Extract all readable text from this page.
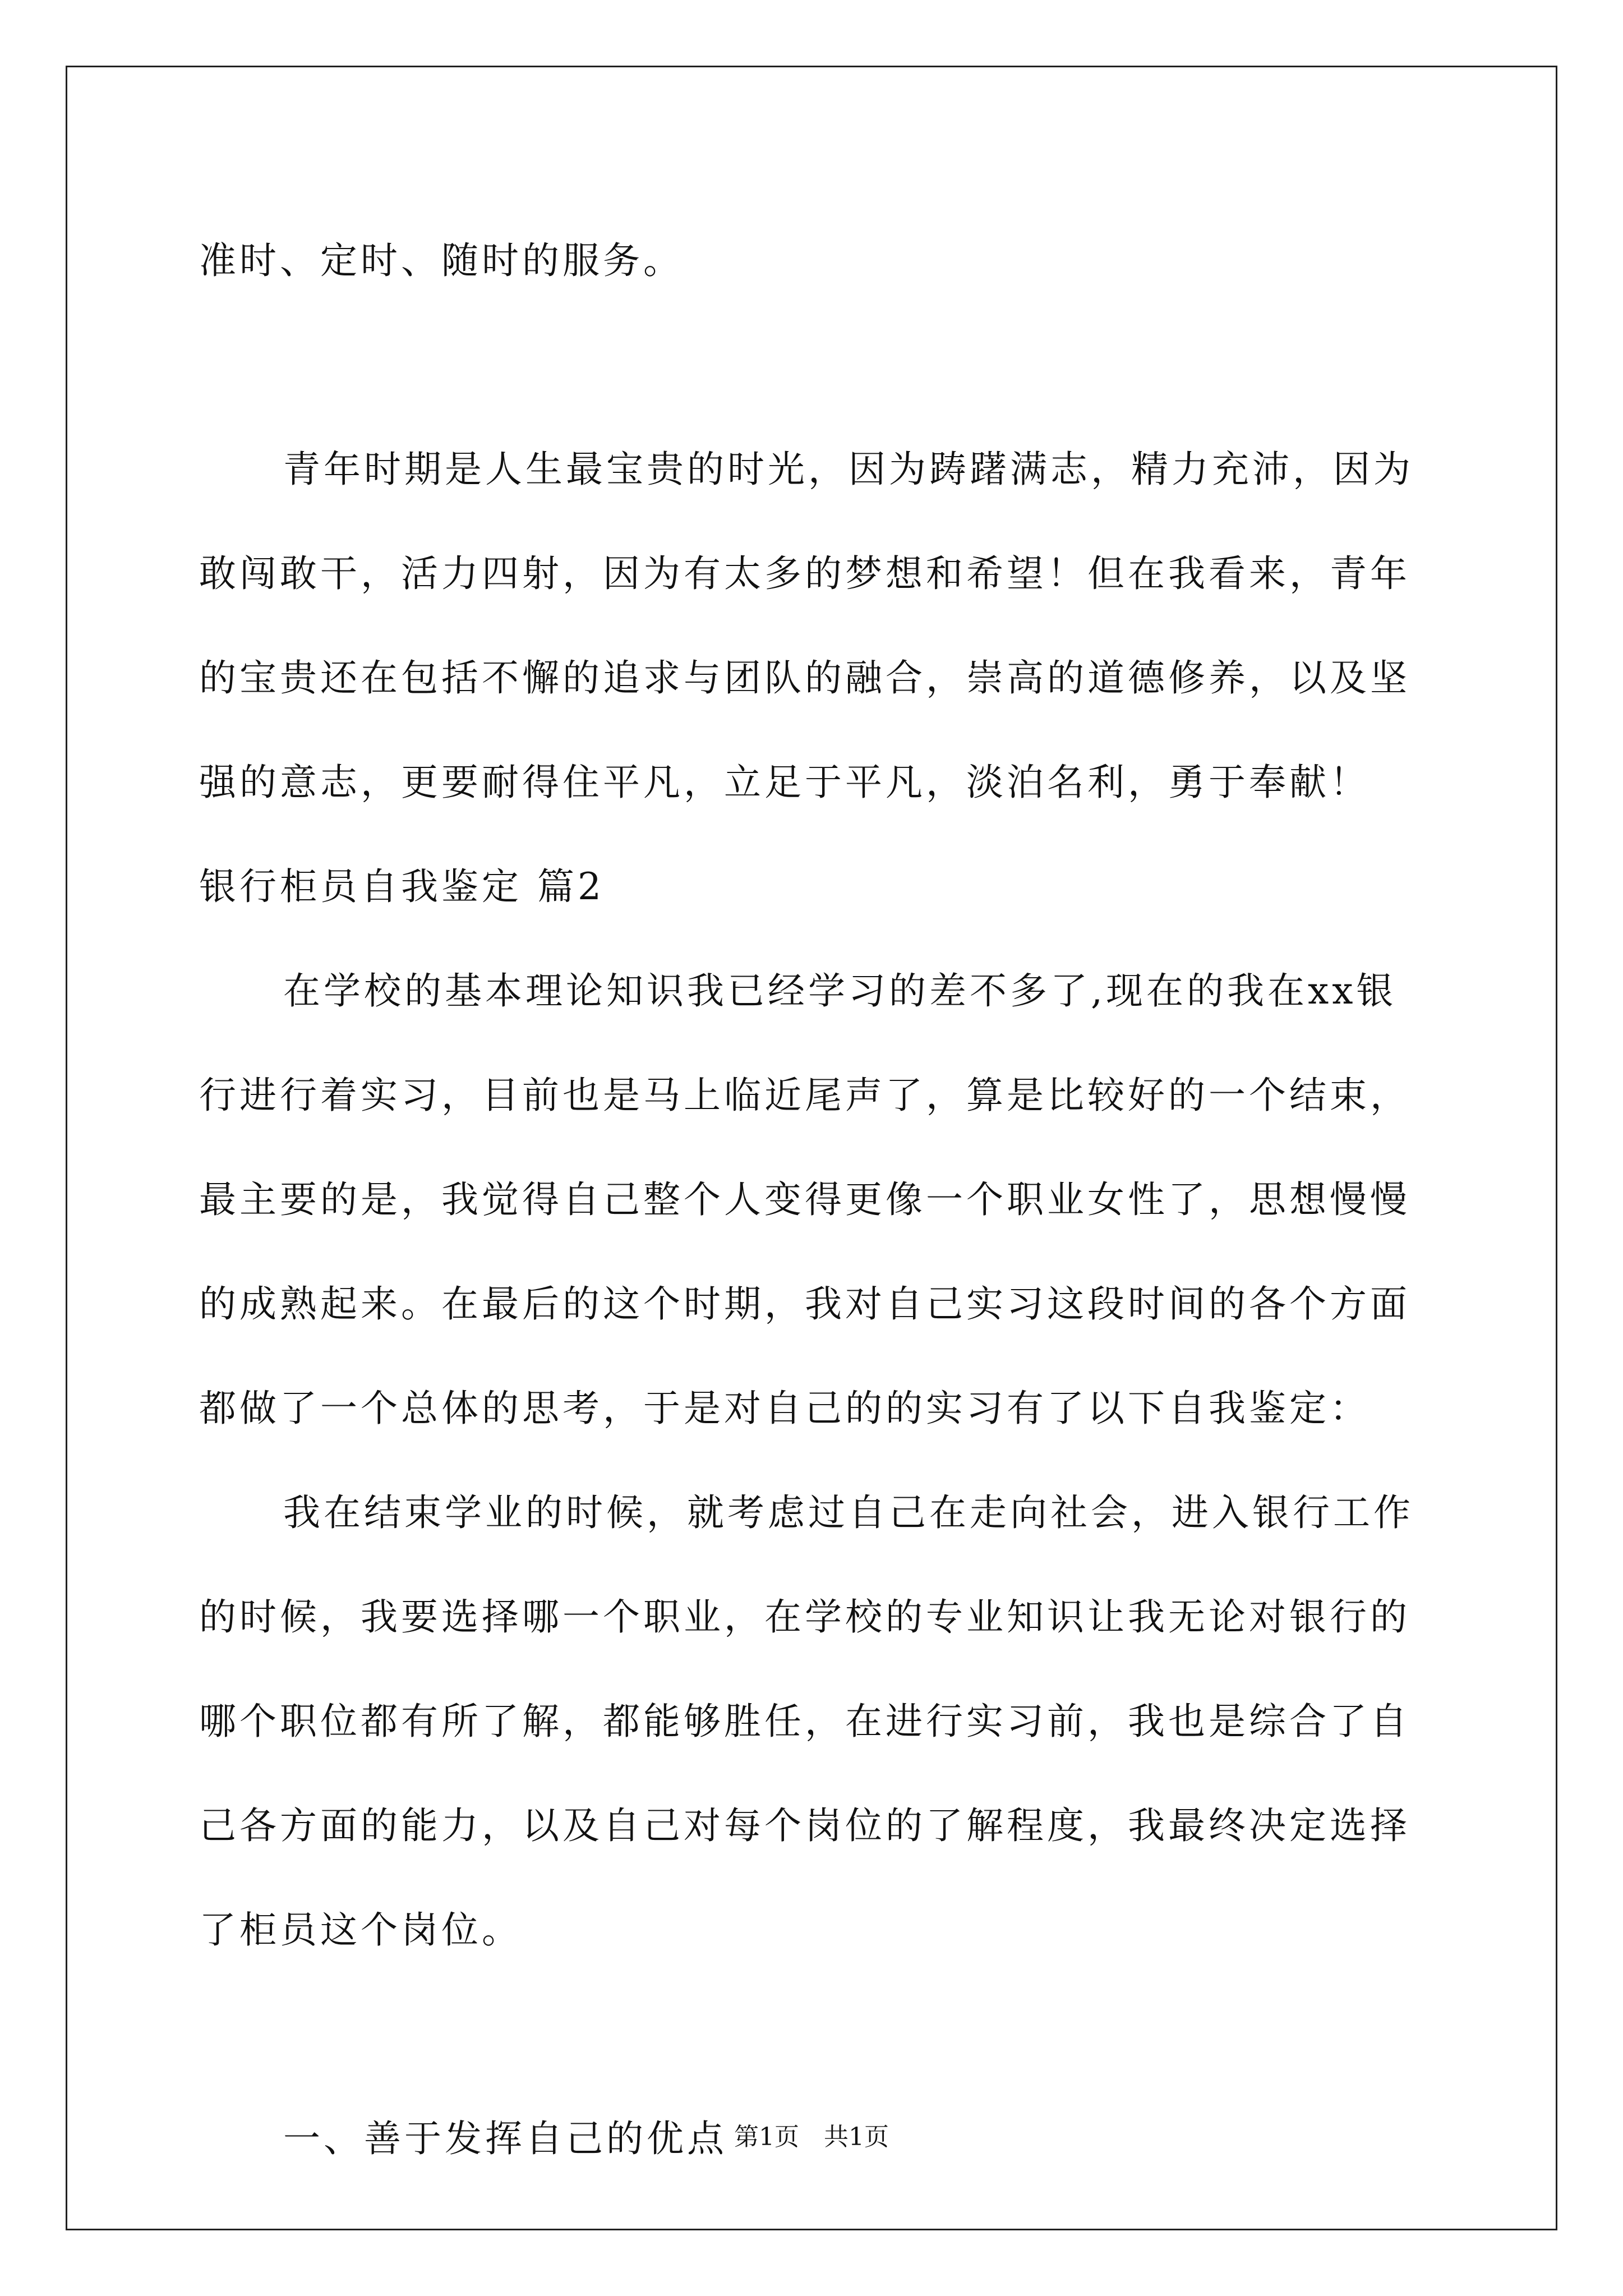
准时、定时、随时的服务。
青年时期是人生最宝贵的时光，因为踌躇满志，精力充沛，因为
敢闯敢干，活力四射，因为有太多的梦想和希望！但在我看来，青年
的宝贵还在包括不懈的追求与团队的融合，崇高的道德修养，以及坚
强的意志，更要耐得住平凡，立足于平凡，淡泊名利，勇于奉献！
银行柜员自我鉴定 篇2
在学校的基本理论知识我已经学习的差不多了,现在的我在xx银
行进行着实习，目前也是马上临近尾声了，算是比较好的一个结束，
最主要的是，我觉得自己整个人变得更像一个职业女性了，思想慢慢
的成熟起来。在最后的这个时期，我对自己实习这段时间的各个方面
都做了一个总体的思考，于是对自己的的实习有了以下自我鉴定：
我在结束学业的时候，就考虑过自己在走向社会，进入银行工作
的时候，我要选择哪一个职业，在学校的专业知识让我无论对银行的
哪个职位都有所了解，都能够胜任，在进行实习前，我也是综合了自
己各方面的能力，以及自己对每个岗位的了解程度，我最终决定选择
了柜员这个岗位。
一、善于发挥自己的优点 第1页　共1页
